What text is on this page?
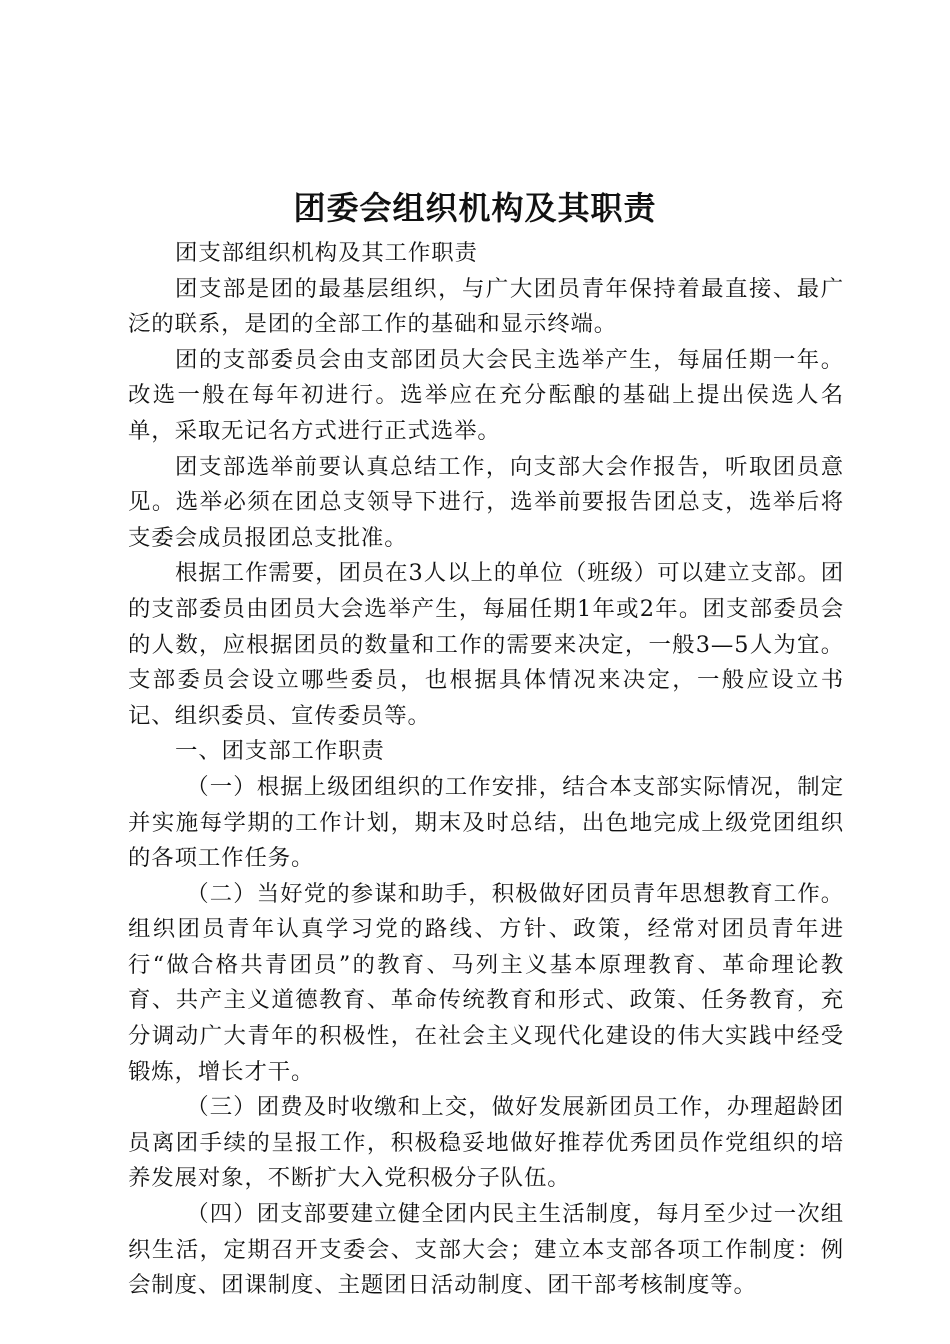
团委会组织机构及其职责

团支部组织机构及其工作职责

团支部是团的最基层组织，与广大团员青年保持着最直接、最广泛的联系，是团的全部工作的基础和显示终端。

团的支部委员会由支部团员大会民主选举产生，每届任期一年。改选一般在每年初进行。选举应在充分酝酿的基础上提出侯选人名单，采取无记名方式进行正式选举。

团支部选举前要认真总结工作，向支部大会作报告，听取团员意见。选举必须在团总支领导下进行，选举前要报告团总支，选举后将支委会成员报团总支批准。

根据工作需要，团员在3人以上的单位（班级）可以建立支部。团的支部委员由团员大会选举产生，每届任期1年或2年。团支部委员会的人数，应根据团员的数量和工作的需要来决定，一般3—5人为宜。支部委员会设立哪些委员，也根据具体情况来决定，一般应设立书记、组织委员、宣传委员等。

一、团支部工作职责

（一）根据上级团组织的工作安排，结合本支部实际情况，制定并实施每学期的工作计划，期末及时总结，出色地完成上级党团组织的各项工作任务。

（二）当好党的参谋和助手，积极做好团员青年思想教育工作。组织团员青年认真学习党的路线、方针、政策，经常对团员青年进行“做合格共青团员”的教育、马列主义基本原理教育、革命理论教育、共产主义道德教育、革命传统教育和形式、政策、任务教育，充分调动广大青年的积极性，在社会主义现代化建设的伟大实践中经受锻炼，增长才干。

（三）团费及时收缴和上交，做好发展新团员工作，办理超龄团员离团手续的呈报工作，积极稳妥地做好推荐优秀团员作党组织的培养发展对象，不断扩大入党积极分子队伍。

（四）团支部要建立健全团内民主生活制度，每月至少过一次组织生活，定期召开支委会、支部大会；建立本支部各项工作制度：例会制度、团课制度、主题团日活动制度、团干部考核制度等。
